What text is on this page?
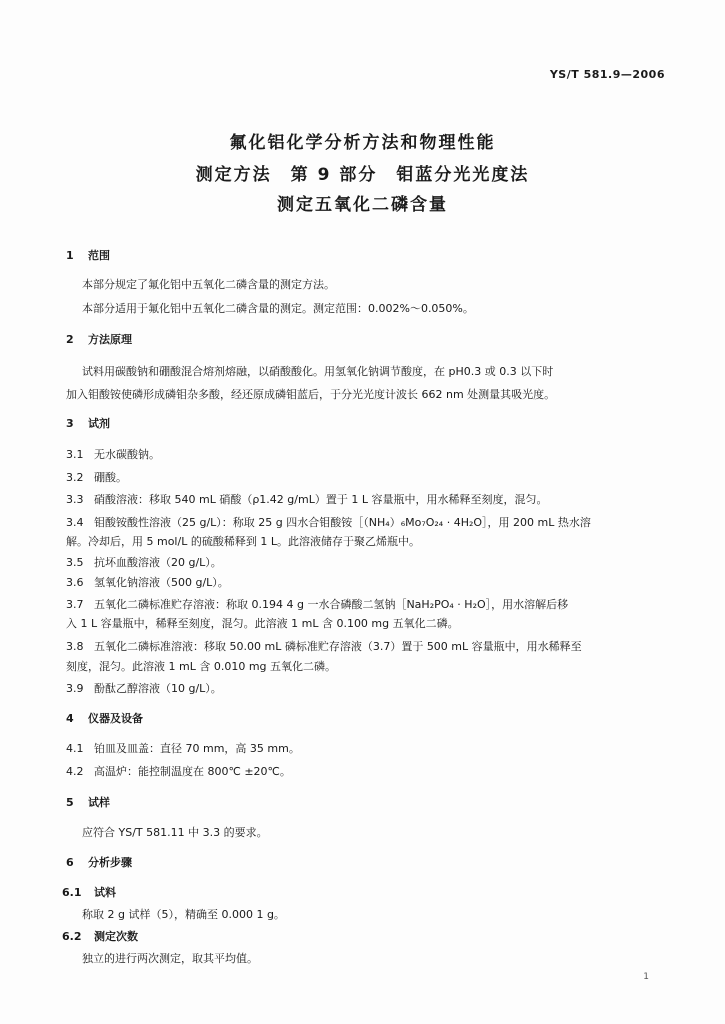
YS/T 581.9—2006
氟化铝化学分析方法和物理性能
测定方法　第 9 部分　钼蓝分光光度法
测定五氧化二磷含量
1 范围
本部分规定了氟化铝中五氧化二磷含量的测定方法。
本部分适用于氟化铝中五氧化二磷含量的测定。测定范围：0.002%～0.050%。
2 方法原理
试料用碳酸钠和硼酸混合熔剂熔融，以硝酸酸化。用氢氧化钠调节酸度，在 pH0.3 或 0.3 以下时
加入钼酸铵使磷形成磷钼杂多酸，经还原成磷钼蓝后，于分光光度计波长 662 nm 处测量其吸光度。
3 试剂
3.1 无水碳酸钠。
3.2 硼酸。
3.3 硝酸溶液：移取 540 mL 硝酸（ρ1.42 g/mL）置于 1 L 容量瓶中，用水稀释至刻度，混匀。
3.4 钼酸铵酸性溶液（25 g/L）：称取 25 g 四水合钼酸铵［（NH₄）₆Mo₇O₂₄ · 4H₂O］，用 200 mL 热水溶
解。冷却后，用 5 mol/L 的硫酸稀释到 1 L。此溶液储存于聚乙烯瓶中。
3.5 抗坏血酸溶液（20 g/L）。
3.6 氢氧化钠溶液（500 g/L）。
3.7 五氧化二磷标准贮存溶液：称取 0.194 4 g 一水合磷酸二氢钠［NaH₂PO₄ · H₂O］，用水溶解后移
入 1 L 容量瓶中，稀释至刻度，混匀。此溶液 1 mL 含 0.100 mg 五氧化二磷。
3.8 五氧化二磷标准溶液：移取 50.00 mL 磷标准贮存溶液（3.7）置于 500 mL 容量瓶中，用水稀释至
刻度，混匀。此溶液 1 mL 含 0.010 mg 五氧化二磷。
3.9 酚酞乙醇溶液（10 g/L）。
4 仪器及设备
4.1 铂皿及皿盖：直径 70 mm，高 35 mm。
4.2 高温炉：能控制温度在 800℃ ±20℃。
5 试样
应符合 YS/T 581.11 中 3.3 的要求。
6 分析步骤
6.1 试料
称取 2 g 试样（5），精确至 0.000 1 g。
6.2 测定次数
独立的进行两次测定，取其平均值。
1
